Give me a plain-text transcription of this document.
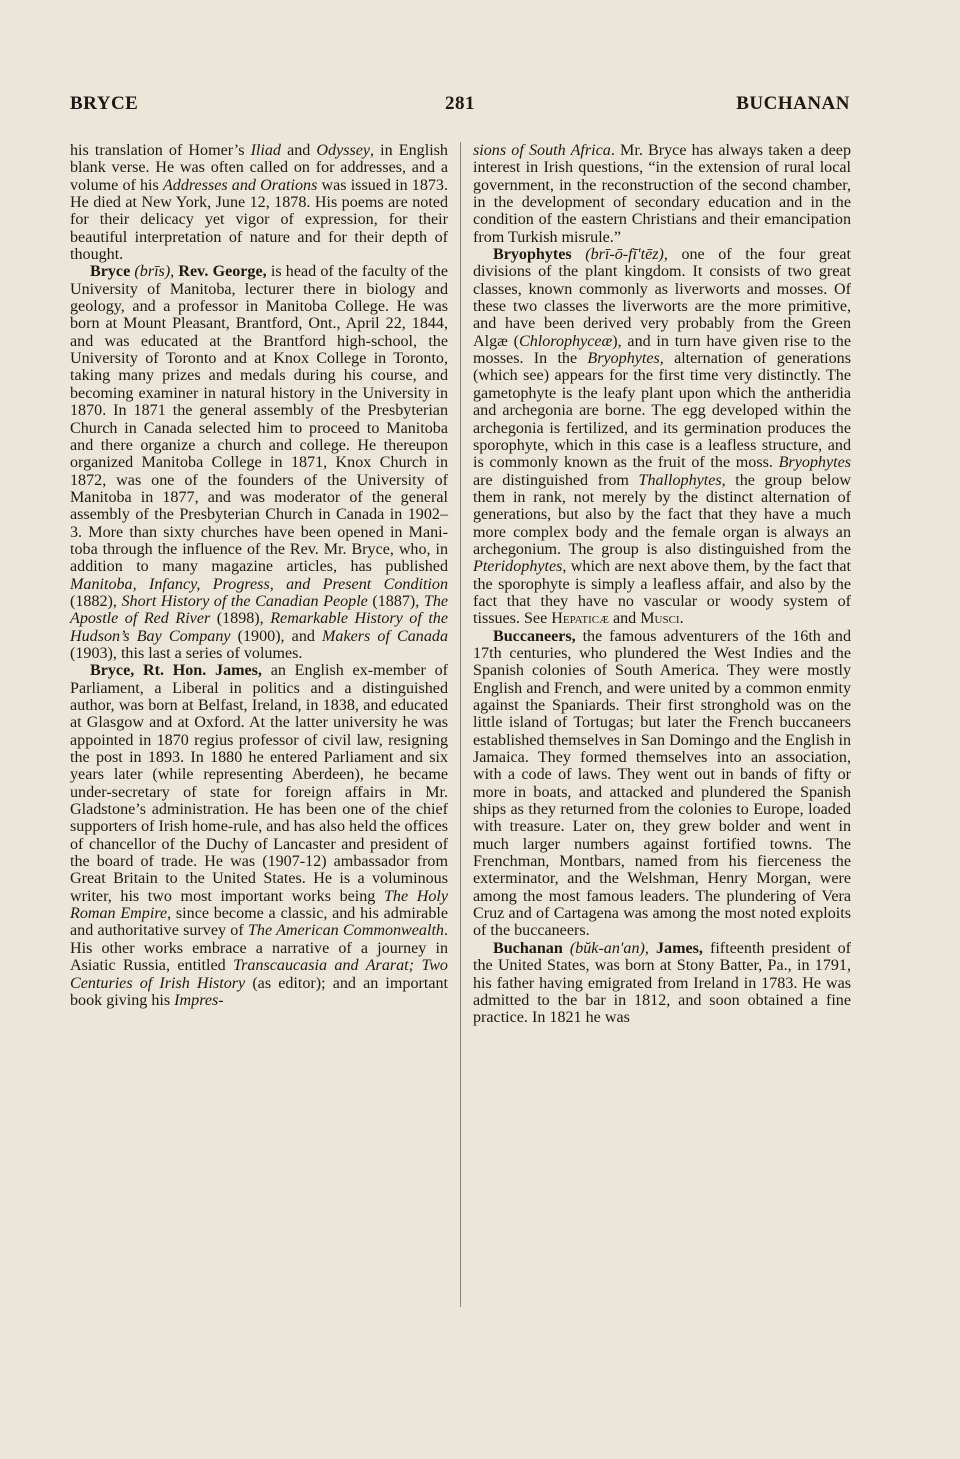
BRYCE	281	BUCHANAN

his translation of Homer’s Iliad and Odyssey, in English blank verse. He was often called on for addresses, and a volume of his Addresses and Orations was issued in 1873. He died at New York, June 12, 1878. His poems are noted for their delicacy yet vigor of expression, for their beautiful interpretation of nature and for their depth of thought.

Bryce (brīs), Rev. George, is head of the faculty of the University of Manitoba, lecturer there in biology and geology, and a professor in Manitoba College. He was born at Mount Pleasant, Brantford, Ont., April 22, 1844, and was educated at the Brantford high-school, the University of Toronto and at Knox College in Toronto, taking many prizes and medals during his course, and becoming examiner in natural history in the University in 1870. In 1871 the general assembly of the Presbyterian Church in Canada selected him to proceed to Manitoba and there organize a church and college. He thereupon organized Manitoba College in 1871, Knox Church in 1872, was one of the founders of the University of Manitoba in 1877, and was moderator of the general assembly of the Presbyterian Church in Canada in 1902–3. More than sixty churches have been opened in Manitoba through the influence of the Rev. Mr. Bryce, who, in addition to many magazine articles, has published Manitoba, Infancy, Progress, and Present Condition (1882), Short History of the Canadian People (1887), The Apostle of Red River (1898), Remarkable History of the Hudson’s Bay Company (1900), and Makers of Canada (1903), this last a series of volumes.

Bryce, Rt. Hon. James, an English ex-member of Parliament, a Liberal in politics and a distinguished author, was born at Belfast, Ireland, in 1838, and educated at Glasgow and at Oxford. At the latter university he was appointed in 1870 regius professor of civil law, resigning the post in 1893. In 1880 he entered Parliament and six years later (while representing Aberdeen), he became under-secretary of state for foreign affairs in Mr. Gladstone’s administration. He has been one of the chief supporters of Irish home-rule, and has also held the offices of chancellor of the Duchy of Lancaster and president of the board of trade. He was (1907-12) ambassador from Great Britain to the United States. He is a voluminous writer, his two most important works being The Holy Roman Empire, since become a classic, and his admirable and authoritative survey of The American Commonwealth. His other works embrace a narrative of a journey in Asiatic Russia, entitled Transcaucasia and Ararat; Two Centuries of Irish History (as editor); and an important book giving his Impres-

sions of South Africa. Mr. Bryce has always taken a deep interest in Irish questions, “in the extension of rural local government, in the reconstruction of the second chamber, in the development of secondary education and in the condition of the eastern Christians and their emancipation from Turkish misrule.”

Bryophytes (brī-ō-fī′tēz), one of the four great divisions of the plant kingdom. It consists of two great classes, known commonly as liverworts and mosses. Of these two classes the liverworts are the more primitive, and have been derived very probably from the Green Algæ (Chlorophyceæ), and in turn have given rise to the mosses. In the Bryophytes, alternation of generations (which see) appears for the first time very distinctly. The gametophyte is the leafy plant upon which the antheridia and archegonia are borne. The egg developed within the archegonia is fertilized, and its germination produces the sporophyte, which in this case is a leafless structure, and is commonly known as the fruit of the moss. Bryophytes are distinguished from Thallophytes, the group below them in rank, not merely by the distinct alternation of generations, but also by the fact that they have a much more complex body and the female organ is always an archegonium. The group is also distinguished from the Pteridophytes, which are next above them, by the fact that the sporophyte is simply a leafless affair, and also by the fact that they have no vascular or woody system of tissues. See Hepaticæ and Musci.

Buccaneers, the famous adventurers of the 16th and 17th centuries, who plundered the West Indies and the Spanish colonies of South America. They were mostly English and French, and were united by a common enmity against the Spaniards. Their first stronghold was on the little island of Tortugas; but later the French buccaneers established themselves in San Domingo and the English in Jamaica. They formed themselves into an association, with a code of laws. They went out in bands of fifty or more in boats, and attacked and plundered the Spanish ships as they returned from the colonies to Europe, loaded with treasure. Later on, they grew bolder and went in much larger numbers against fortified towns. The Frenchman, Montbars, named from his fierceness the exterminator, and the Welshman, Henry Morgan, were among the most famous leaders. The plundering of Vera Cruz and of Cartagena was among the most noted exploits of the buccaneers.

Buchanan (bŭk-an′an), James, fifteenth president of the United States, was born at Stony Batter, Pa., in 1791, his father having emigrated from Ireland in 1783. He was admitted to the bar in 1812, and soon obtained a fine practice. In 1821 he was
